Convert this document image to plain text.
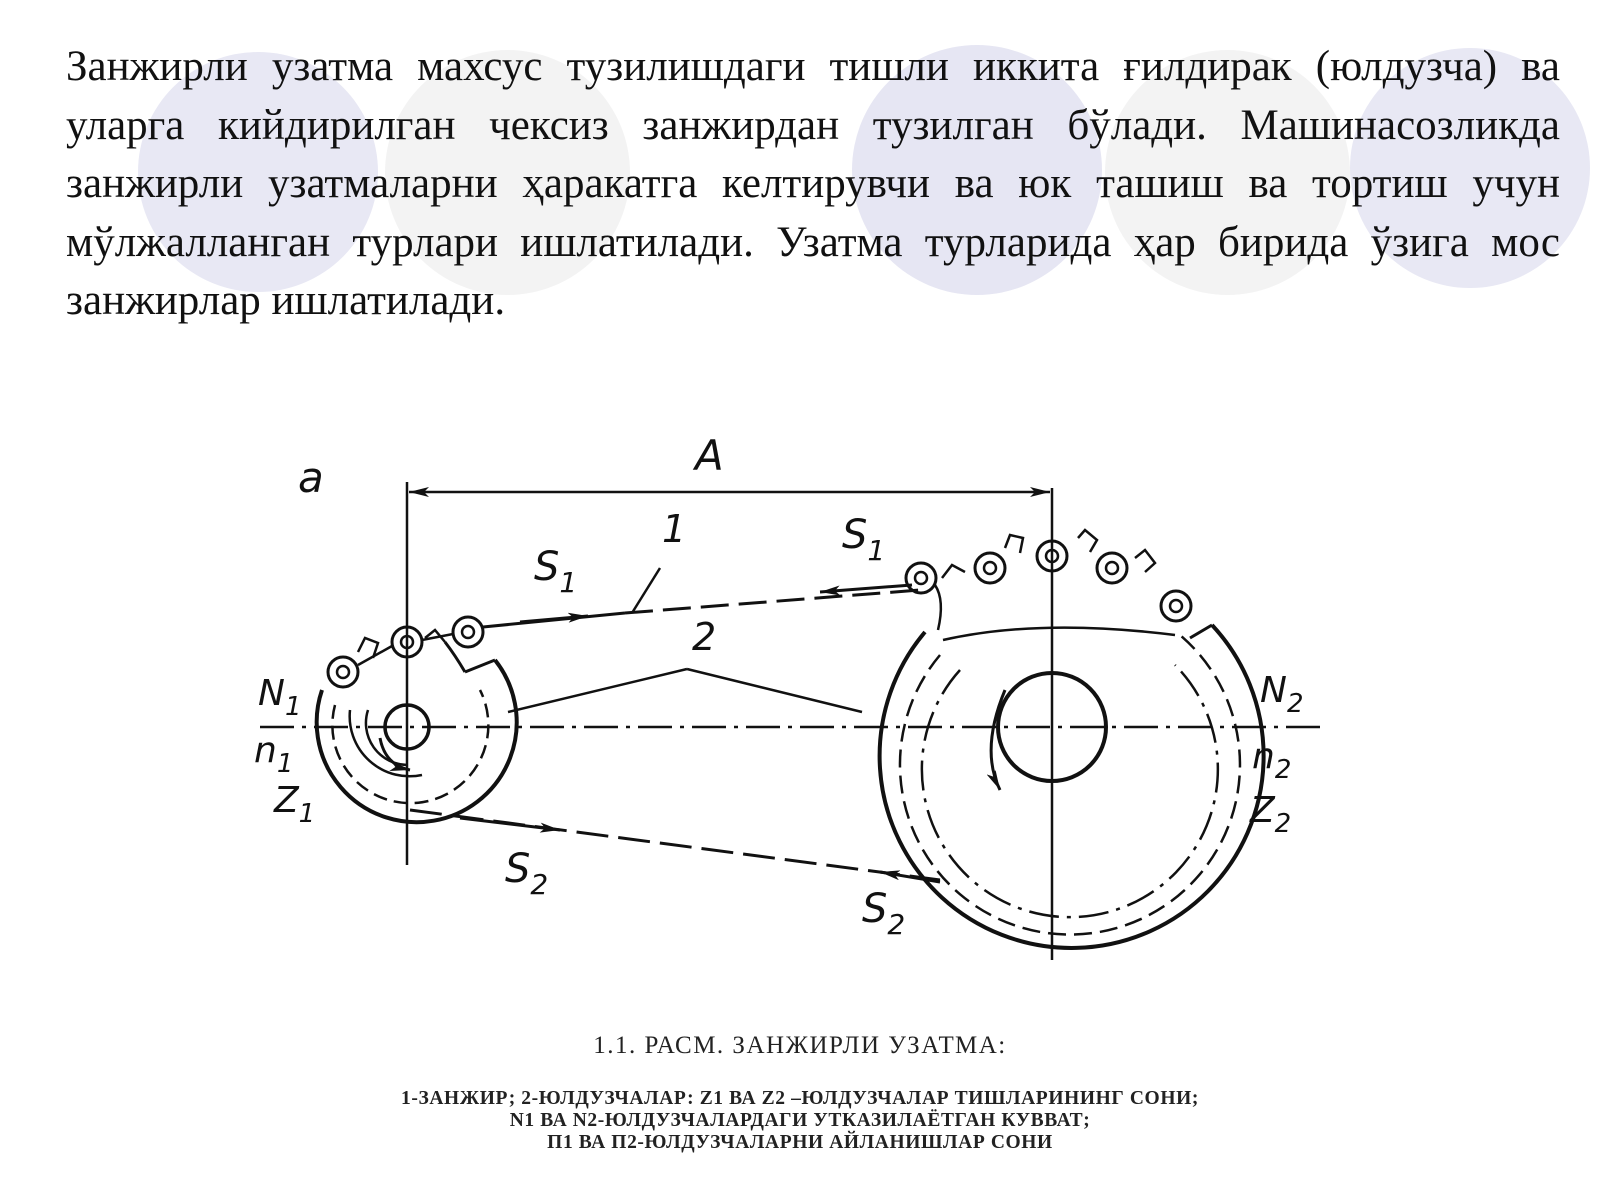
Занжирли узатма махсус тузилишдаги тишли иккита ғилдирак (юлдузча) ва уларга кийдирилган чексиз занжирдан тузилган бўлади. Машинасозликда занжирли узатмаларни ҳаракатга келтирувчи ва юк ташиш ва тортиш учун мўлжалланган турлари ишлатилади. Узатма турларида ҳар бирида ўзига мос занжирлар ишлатилади.

a	A
1
2
$S_1$
$S_1$
$S_2$
$S_2$
$N_1$
$n_1$
$Z_1$
$N_2$
$n_2$
$Z_2$
1.1. РАСМ. ЗАНЖИРЛИ УЗАТМА:
1-ЗАНЖИР; 2-ЮЛДУЗЧАЛАР: Z1 ВА Z2 –ЮЛДУЗЧАЛАР ТИШЛАРИНИНГ СОНИ;
N1 ВА N2-ЮЛДУЗЧАЛАРДАГИ УТКАЗИЛАЁТГАН КУВВАТ;
П1 ВА П2-ЮЛДУЗЧАЛАРНИ АЙЛАНИШЛАР СОНИ
